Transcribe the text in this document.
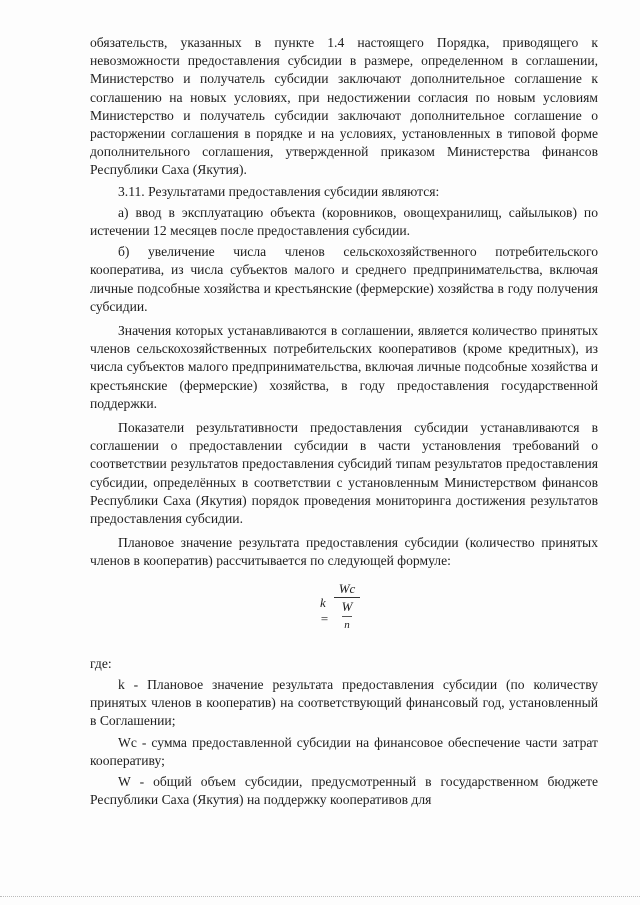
обязательств, указанных в пункте 1.4 настоящего Порядка, приводящего к невозможности предоставления субсидии в размере, определенном в соглашении, Министерство и получатель субсидии заключают дополнительное соглашение к соглашению на новых условиях, при недостижении согласия по новым условиям Министерство и получатель субсидии заключают дополнительное соглашение о расторжении соглашения в порядке и на условиях, установленных в типовой форме дополнительного соглашения, утвержденной приказом Министерства финансов Республики Саха (Якутия).

3.11. Результатами предоставления субсидии являются:

а) ввод в эксплуатацию объекта (коровников, овощехранилищ, сайылыков) по истечении 12 месяцев после предоставления субсидии.

б) увеличение числа членов сельскохозяйственного потребительского кооператива, из числа субъектов малого и среднего предпринимательства, включая личные подсобные хозяйства и крестьянские (фермерские) хозяйства в году получения субсидии.

Значения которых устанавливаются в соглашении, является количество принятых членов сельскохозяйственных потребительских кооперативов (кроме кредитных), из числа субъектов малого предпринимательства, включая личные подсобные хозяйства и крестьянские (фермерские) хозяйства, в году предоставления государственной поддержки.

Показатели результативности предоставления субсидии устанавливаются в соглашении о предоставлении субсидии в части установления требований о соответствии результатов предоставления субсидий типам результатов предоставления субсидии, определённых в соответствии с установленным Министерством финансов Республики Саха (Якутия) порядок проведения мониторинга достижения результатов предоставления субсидии.

Плановое значение результата предоставления субсидии (количество принятых членов в кооператив) рассчитывается по следующей формуле:

k =
Wc
W
n

где:

k - Плановое значение результата предоставления субсидии (по количеству принятых членов в кооператив) на соответствующий финансовый год, установленный в Соглашении;

Wc - сумма предоставленной субсидии на финансовое обеспечение части затрат кооперативу;

W - общий объем субсидии, предусмотренный в государственном бюджете Республики Саха (Якутия) на поддержку кооперативов для
